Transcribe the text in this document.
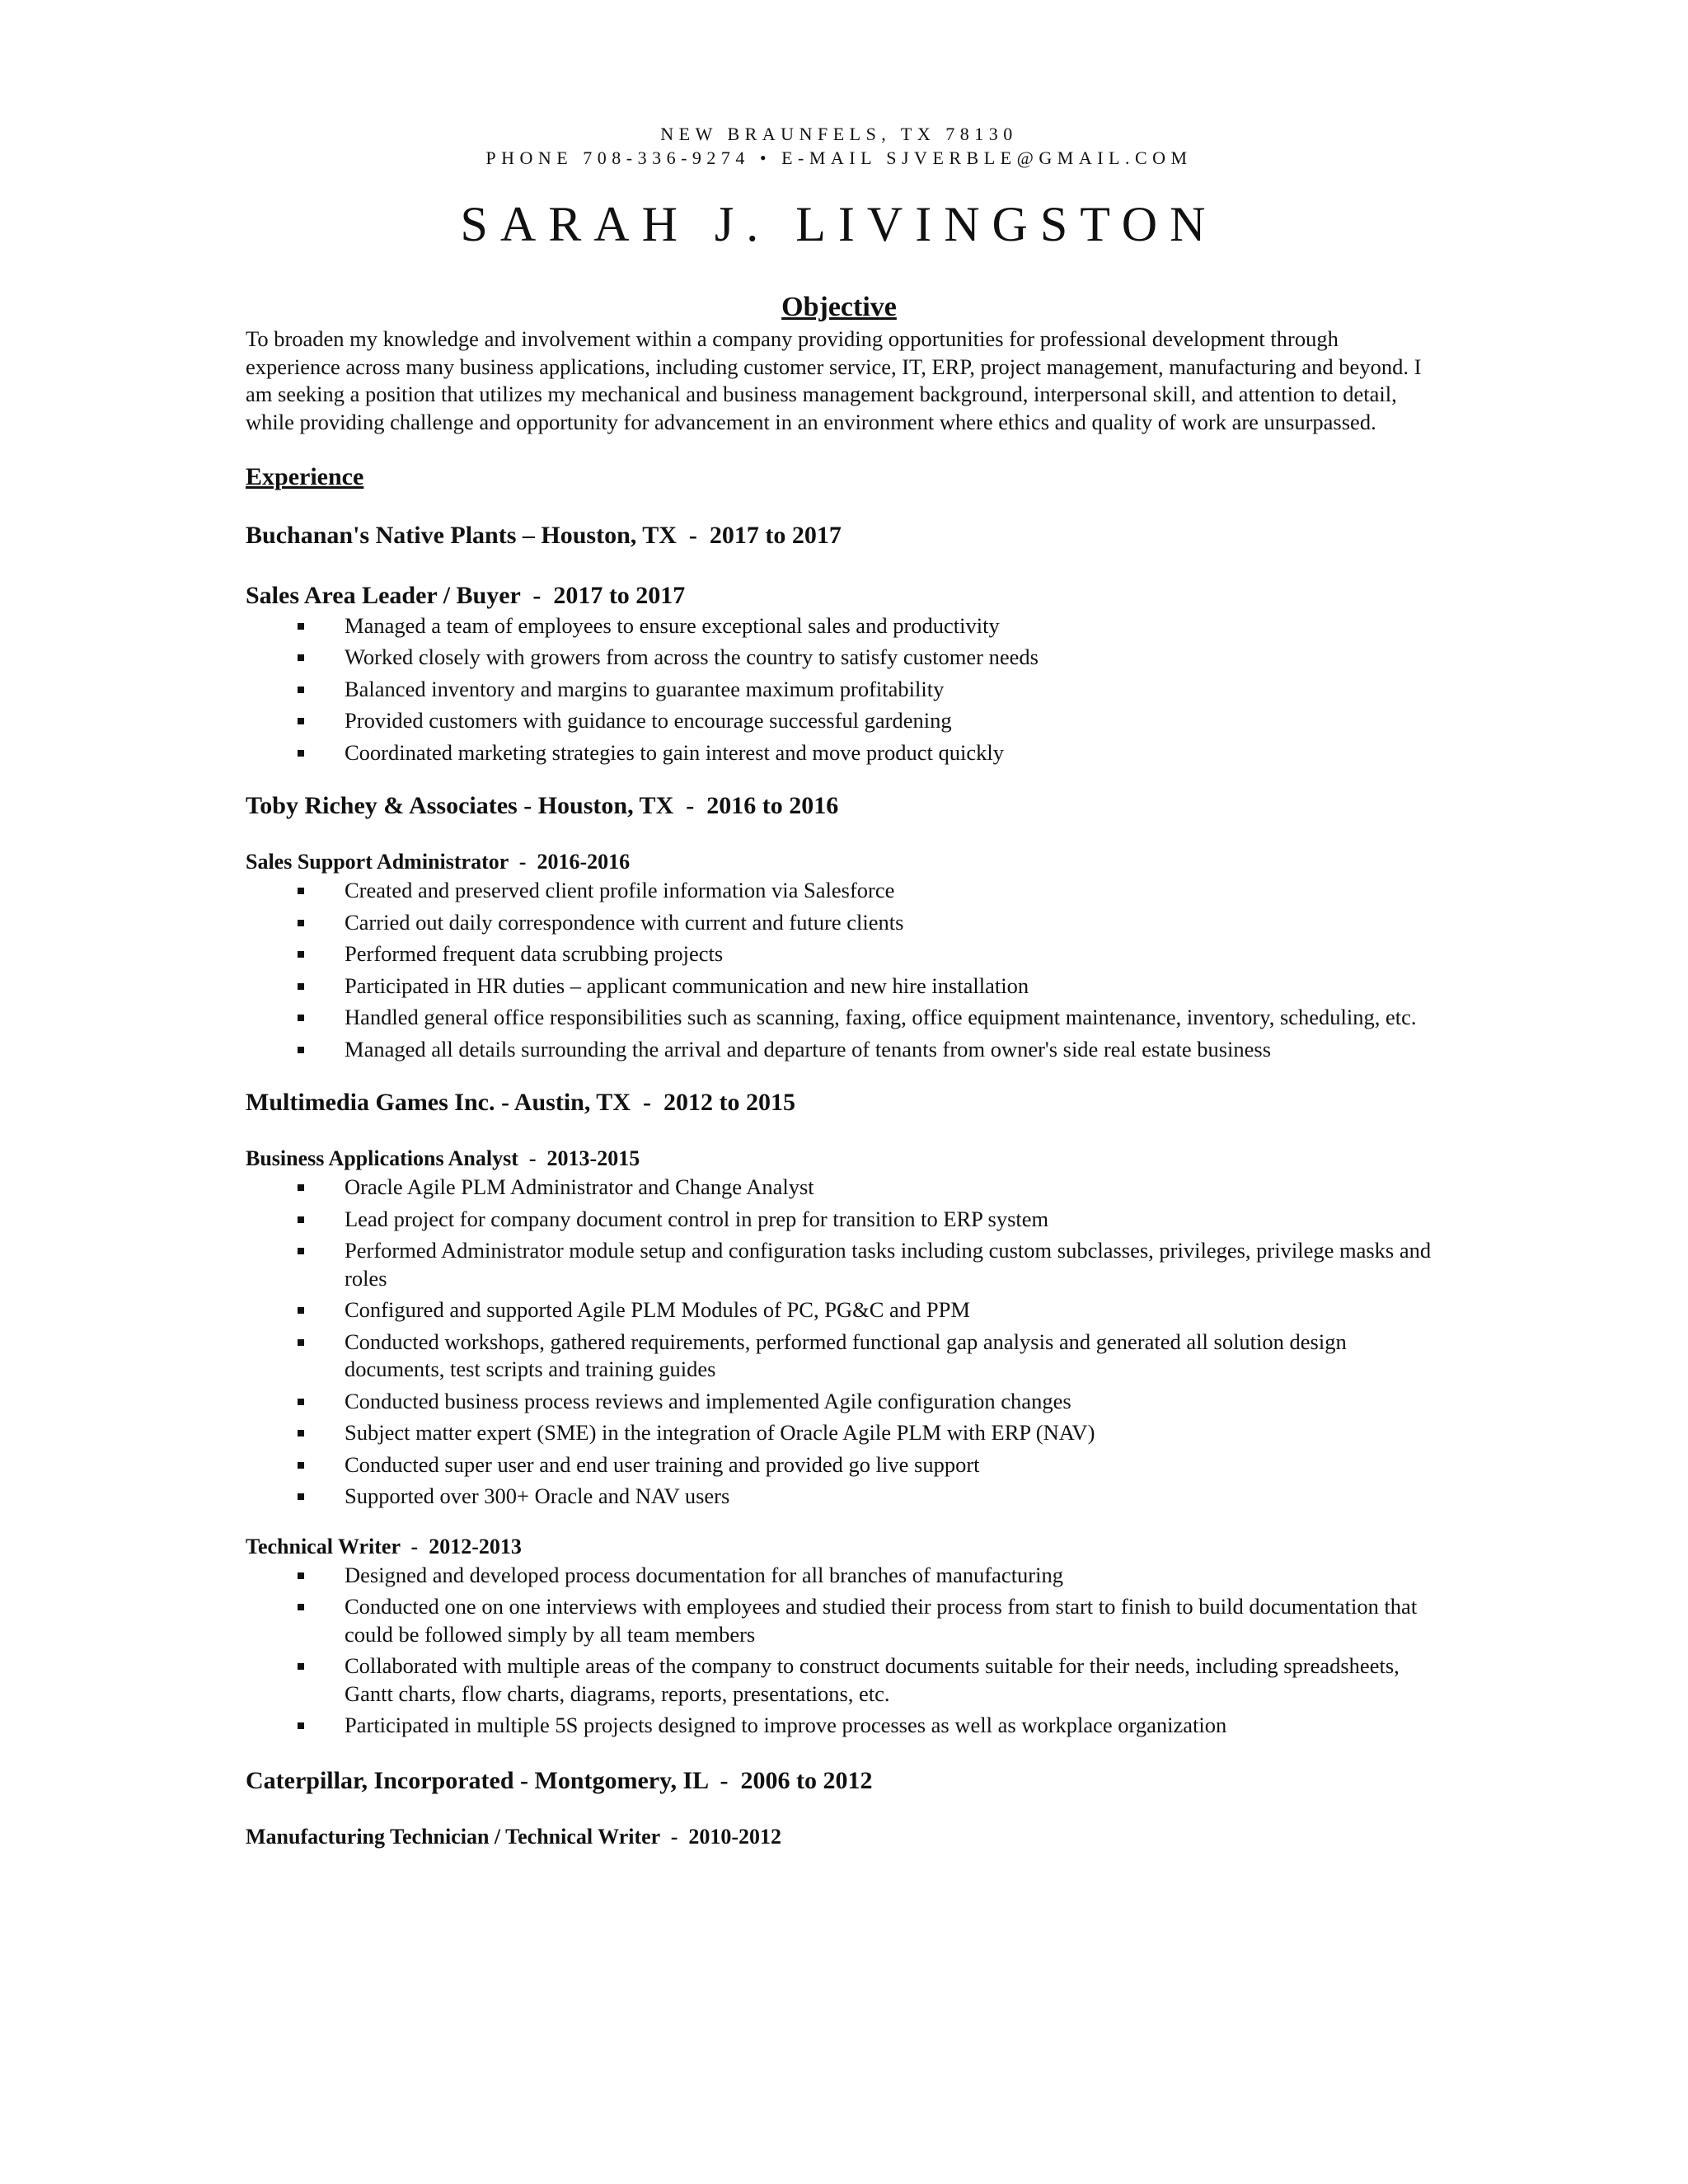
NEW BRAUNFELS, TX 78130
PHONE 708-336-9274 • E-MAIL SJVERBLE@GMAIL.COM
SARAH J. LIVINGSTON
Objective
To broaden my knowledge and involvement within a company providing opportunities for professional development through experience across many business applications, including customer service, IT, ERP, project management, manufacturing and beyond. I am seeking a position that utilizes my mechanical and business management background, interpersonal skill, and attention to detail, while providing challenge and opportunity for advancement in an environment where ethics and quality of work are unsurpassed.
Experience
Buchanan's Native Plants – Houston, TX  -  2017 to 2017
Sales Area Leader / Buyer  -  2017 to 2017
Managed a team of employees to ensure exceptional sales and productivity
Worked closely with growers from across the country to satisfy customer needs
Balanced inventory and margins to guarantee maximum profitability
Provided customers with guidance to encourage successful gardening
Coordinated marketing strategies to gain interest and move product quickly
Toby Richey & Associates - Houston, TX  -  2016 to 2016
Sales Support Administrator  -  2016-2016
Created and preserved client profile information via Salesforce
Carried out daily correspondence with current and future clients
Performed frequent data scrubbing projects
Participated in HR duties – applicant communication and new hire installation
Handled general office responsibilities such as scanning, faxing, office equipment maintenance, inventory, scheduling, etc.
Managed all details surrounding the arrival and departure of tenants from owner's side real estate business
Multimedia Games Inc. - Austin, TX  -  2012 to 2015
Business Applications Analyst  -  2013-2015
Oracle Agile PLM Administrator and Change Analyst
Lead project for company document control in prep for transition to ERP system
Performed Administrator module setup and configuration tasks including custom subclasses, privileges, privilege masks and roles
Configured and supported Agile PLM Modules of PC, PG&C and PPM
Conducted workshops, gathered requirements, performed functional gap analysis and generated all solution design documents, test scripts and training guides
Conducted business process reviews and implemented Agile configuration changes
Subject matter expert (SME) in the integration of Oracle Agile PLM with ERP (NAV)
Conducted super user and end user training and provided go live support
Supported over 300+ Oracle and NAV users
Technical Writer  -  2012-2013
Designed and developed process documentation for all branches of manufacturing
Conducted one on one interviews with employees and studied their process from start to finish to build documentation that could be followed simply by all team members
Collaborated with multiple areas of the company to construct documents suitable for their needs, including spreadsheets, Gantt charts, flow charts, diagrams, reports, presentations, etc.
Participated in multiple 5S projects designed to improve processes as well as workplace organization
Caterpillar, Incorporated - Montgomery, IL  -  2006 to 2012
Manufacturing Technician / Technical Writer  -  2010-2012
